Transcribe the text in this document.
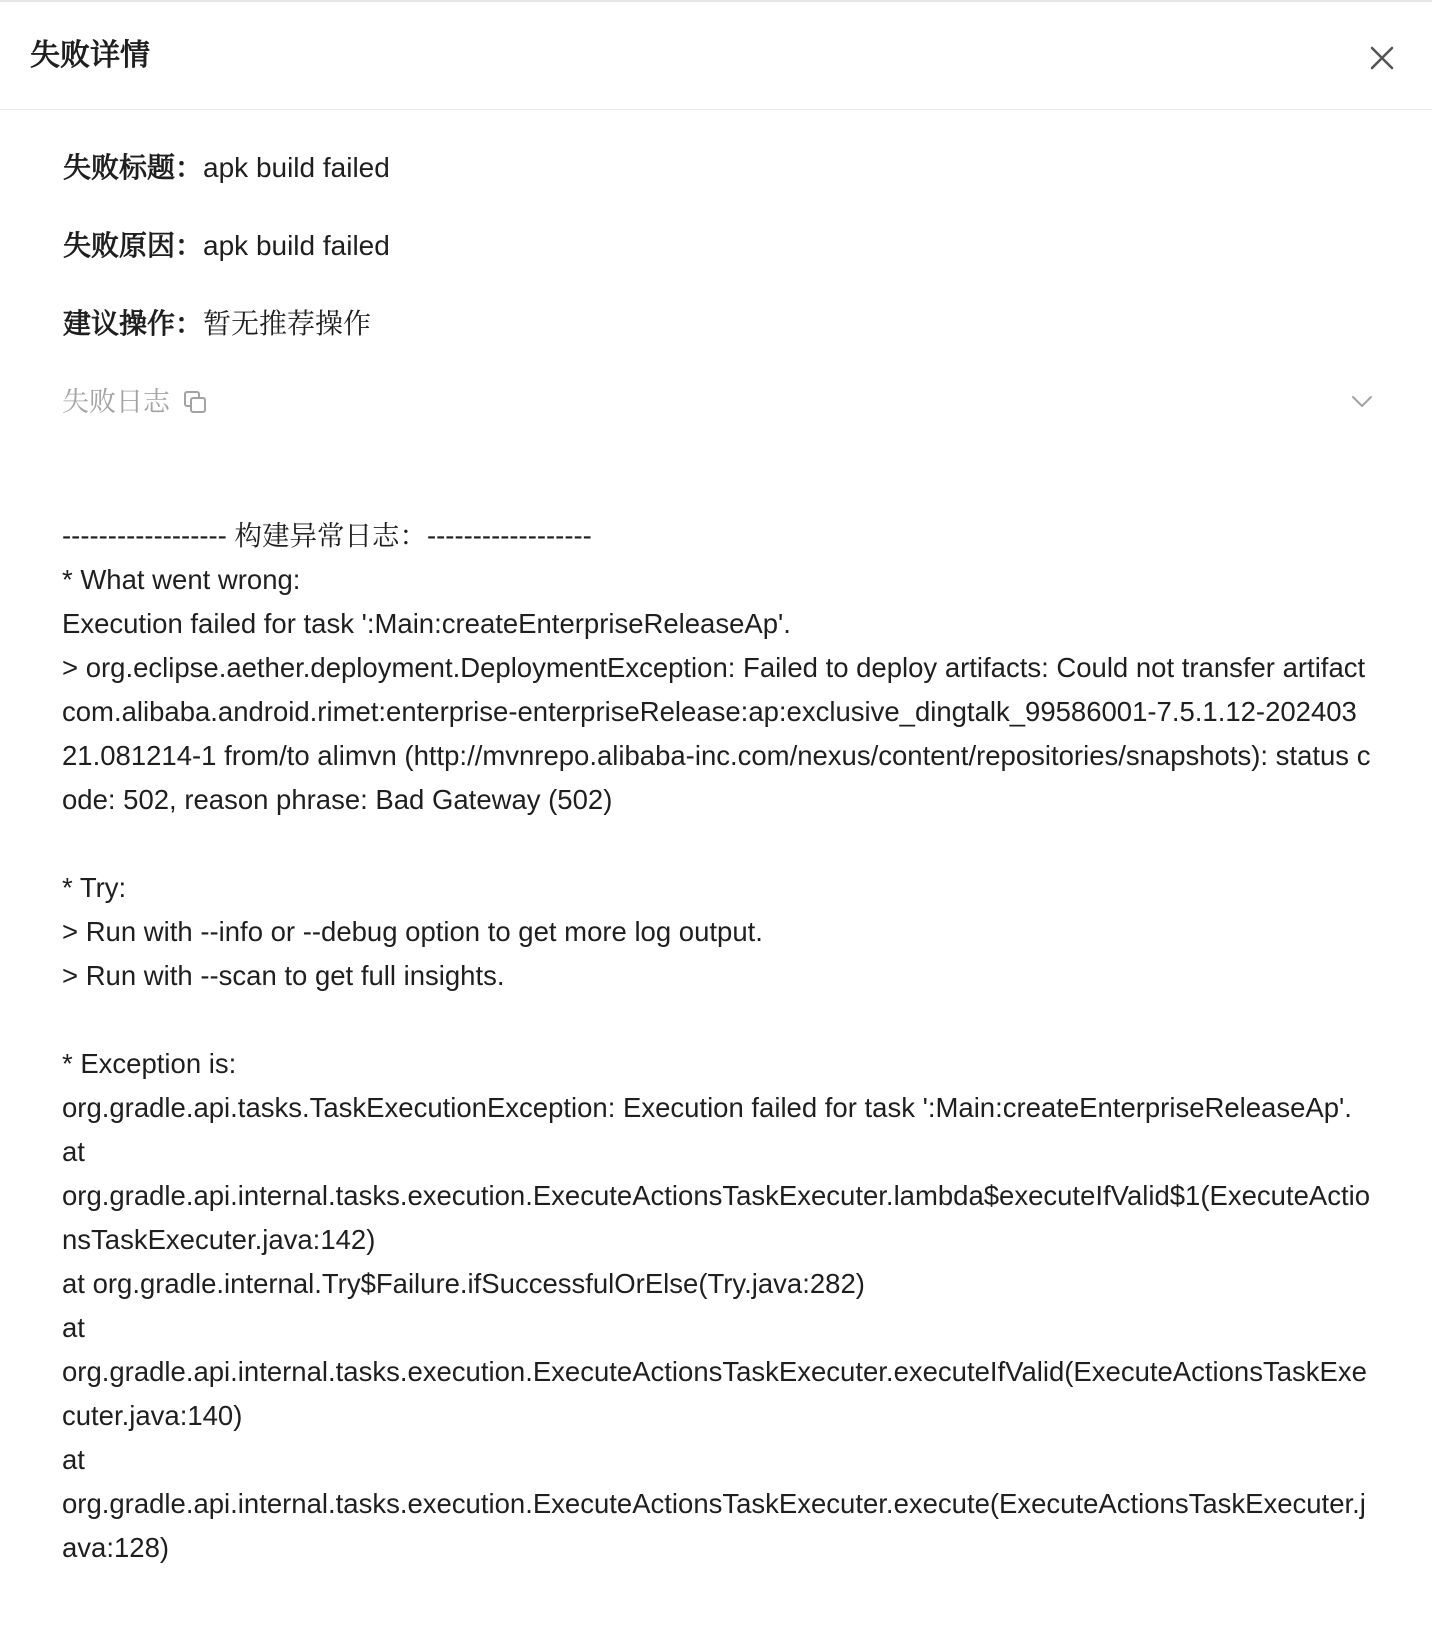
失败详情
失败标题：apk build failed
失败原因：apk build failed
建议操作：暂无推荐操作
失败日志
------------------ 构建异常日志：------------------
* What went wrong:
Execution failed for task ':Main:createEnterpriseReleaseAp'.
> org.eclipse.aether.deployment.DeploymentException: Failed to deploy artifacts: Could not transfer artifact com.alibaba.android.rimet:enterprise-enterpriseRelease:ap:exclusive_dingtalk_99586001-7.5.1.12-20240321.081214-1 from/to alimvn (http://mvnrepo.alibaba-inc.com/nexus/content/repositories/snapshots): status code: 502, reason phrase: Bad Gateway (502)
* Try:
> Run with --info or --debug option to get more log output.
> Run with --scan to get full insights.
* Exception is:
org.gradle.api.tasks.TaskExecutionException: Execution failed for task ':Main:createEnterpriseReleaseAp'.
at
org.gradle.api.internal.tasks.execution.ExecuteActionsTaskExecuter.lambda$executeIfValid$1(ExecuteActionsTaskExecuter.java:142)
at org.gradle.internal.Try$Failure.ifSuccessfulOrElse(Try.java:282)
at
org.gradle.api.internal.tasks.execution.ExecuteActionsTaskExecuter.executeIfValid(ExecuteActionsTaskExecuter.java:140)
at
org.gradle.api.internal.tasks.execution.ExecuteActionsTaskExecuter.execute(ExecuteActionsTaskExecuter.java:128)
